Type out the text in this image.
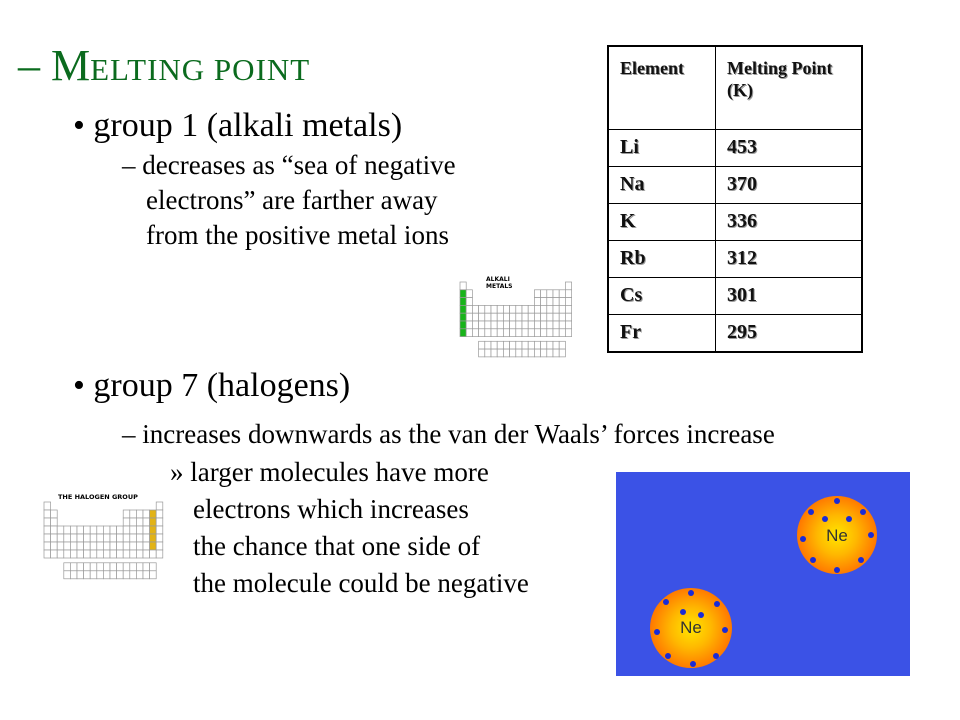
– MELTING POINT
• group 1 (alkali metals)
– decreases as “sea of negative
electrons” are farther away
from the positive metal ions
ALKALI
METALS
Element	Melting Point (K)
Li	453
Na	370
K	336
Rb	312
Cs	301
Fr	295
• group 7 (halogens)
– increases downwards as the van der Waals’ forces increase
» larger molecules have more
electrons which increases
the chance that one side of
the molecule could be negative
THE HALOGEN GROUP
Ne
Ne
